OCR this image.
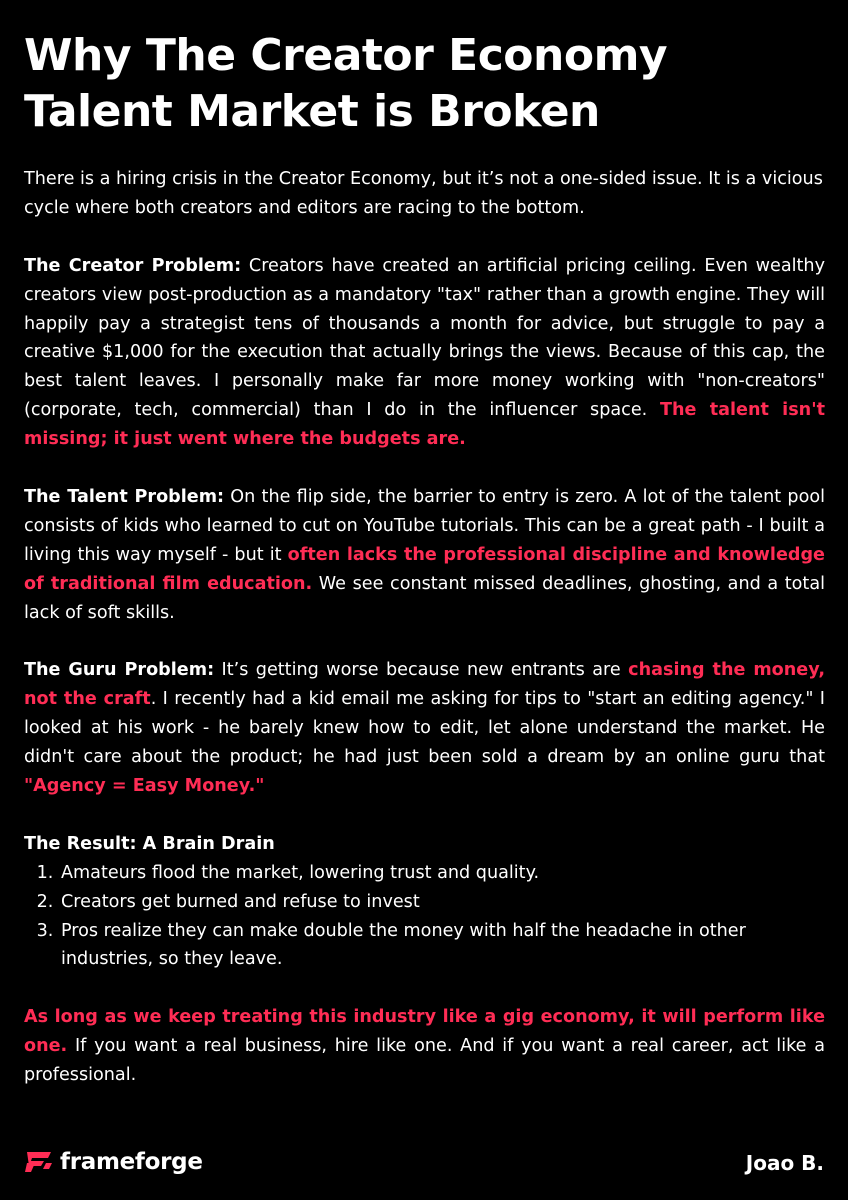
Why The Creator Economy
Talent Market is Broken

There is a hiring crisis in the Creator Economy, but it’s not a one-sided issue. It is a vicious cycle where both creators and editors are racing to the bottom.

The Creator Problem: Creators have created an artificial pricing ceiling. Even wealthy creators view post-production as a mandatory "tax" rather than a growth engine. They will happily pay a strategist tens of thousands a month for advice, but struggle to pay a creative $1,000 for the execution that actually brings the views. Because of this cap, the best talent leaves. I personally make far more money working with "non-creators" (corporate, tech, commercial) than I do in the influencer space. The talent isn't missing; it just went where the budgets are.

The Talent Problem: On the flip side, the barrier to entry is zero. A lot of the talent pool consists of kids who learned to cut on YouTube tutorials. This can be a great path - I built a living this way myself - but it often lacks the professional discipline and knowledge of traditional film education. We see constant missed deadlines, ghosting, and a total lack of soft skills.

The Guru Problem: It’s getting worse because new entrants are chasing the money, not the craft. I recently had a kid email me asking for tips to "start an editing agency." I looked at his work - he barely knew how to edit, let alone understand the market. He didn't care about the product; he had just been sold a dream by an online guru that "Agency = Easy Money."

The Result: A Brain Drain
1. Amateurs flood the market, lowering trust and quality.
2. Creators get burned and refuse to invest
3. Pros realize they can make double the money with half the headache in other industries, so they leave.

As long as we keep treating this industry like a gig economy, it will perform like one. If you want a real business, hire like one. And if you want a real career, act like a professional.

frameforge	Joao B.
